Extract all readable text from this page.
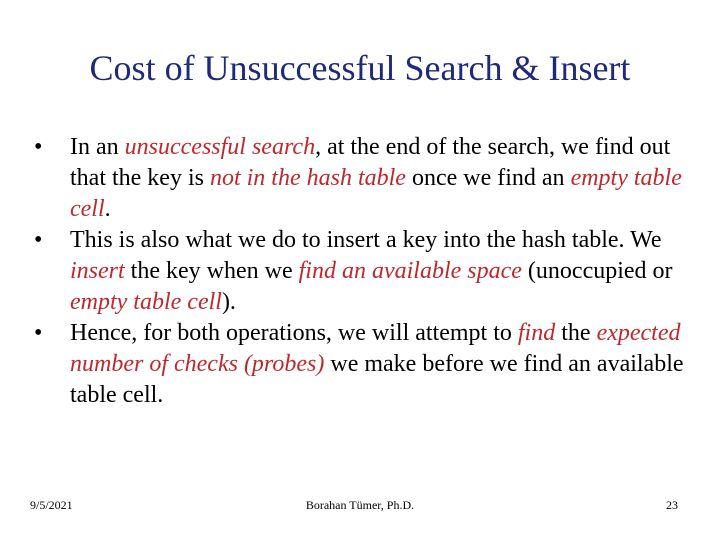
Cost of Unsuccessful Search & Insert

•	In an unsuccessful search, at the end of the search, we find out that the key is not in the hash table once we find an empty table cell.

•	This is also what we do to insert a key into the hash table. We insert the key when we find an available space (unoccupied or empty table cell).

•	Hence, for both operations, we will attempt to find the expected number of checks (probes) we make before we find an available table cell.

9/5/2021	Borahan Tümer, Ph.D.	23
